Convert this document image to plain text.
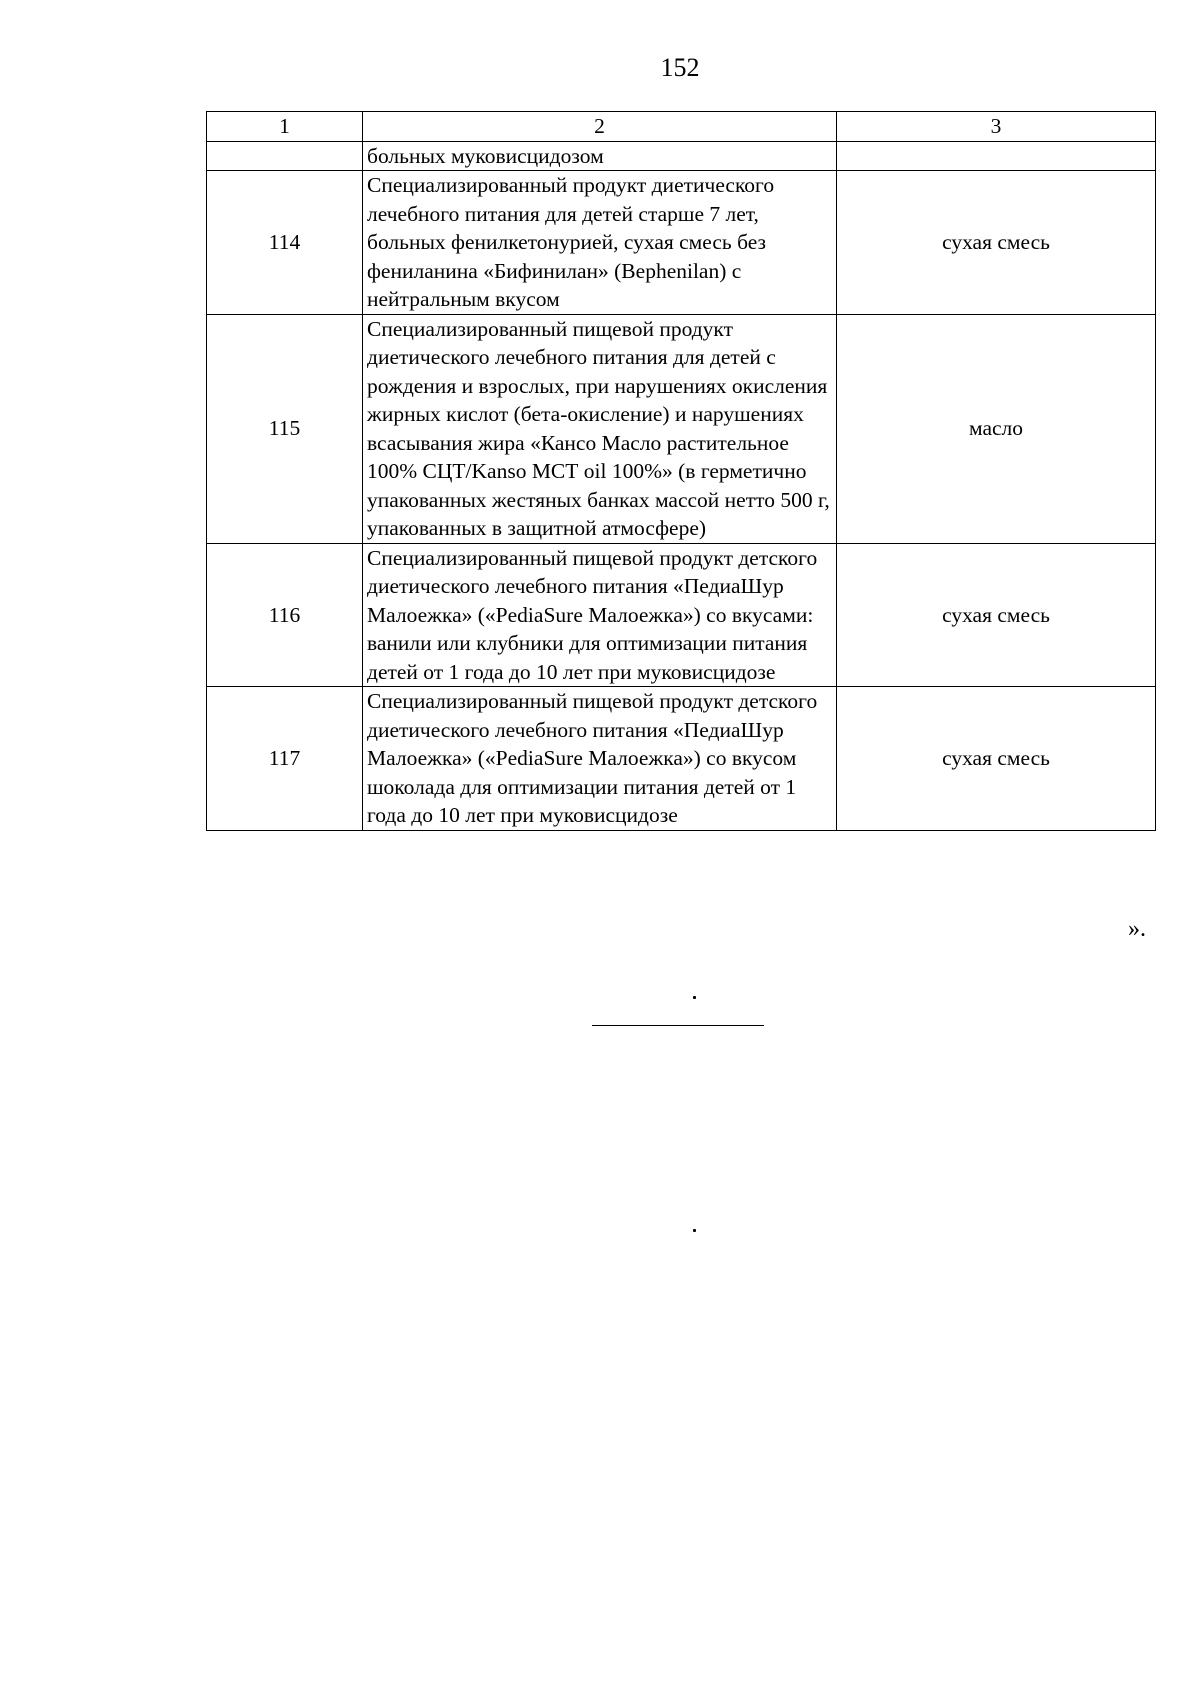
152
1	2	3
	больных муковисцидозом	
114	Специализированный продукт диетического лечебного питания для детей старше 7 лет, больных фенилкетонурией, сухая смесь без фениланина «Бифинилан» (Bephenilan) с нейтральным вкусом	сухая смесь
115	Специализированный пищевой продукт диетического лечебного питания для детей с рождения и взрослых, при нарушениях окисления жирных кислот (бета-окисление) и нарушениях всасывания жира «Кансо Масло растительное 100% СЦТ/Kanso МСТ oil 100%» (в герметично упакованных жестяных банках массой нетто 500 г, упакованных в защитной атмосфере)	масло
116	Специализированный пищевой продукт детского диетического лечебного питания «ПедиаШур Малоежка» («PediaSure Малоежка») со вкусами: ванили или клубники для оптимизации питания детей от 1 года до 10 лет при муковисцидозе	сухая смесь
117	Специализированный пищевой продукт детского диетического лечебного питания «ПедиаШур Малоежка» («PediaSure Малоежка») со вкусом шоколада для оптимизации питания детей от 1 года до 10 лет при муковисцидозе	сухая смесь
».
